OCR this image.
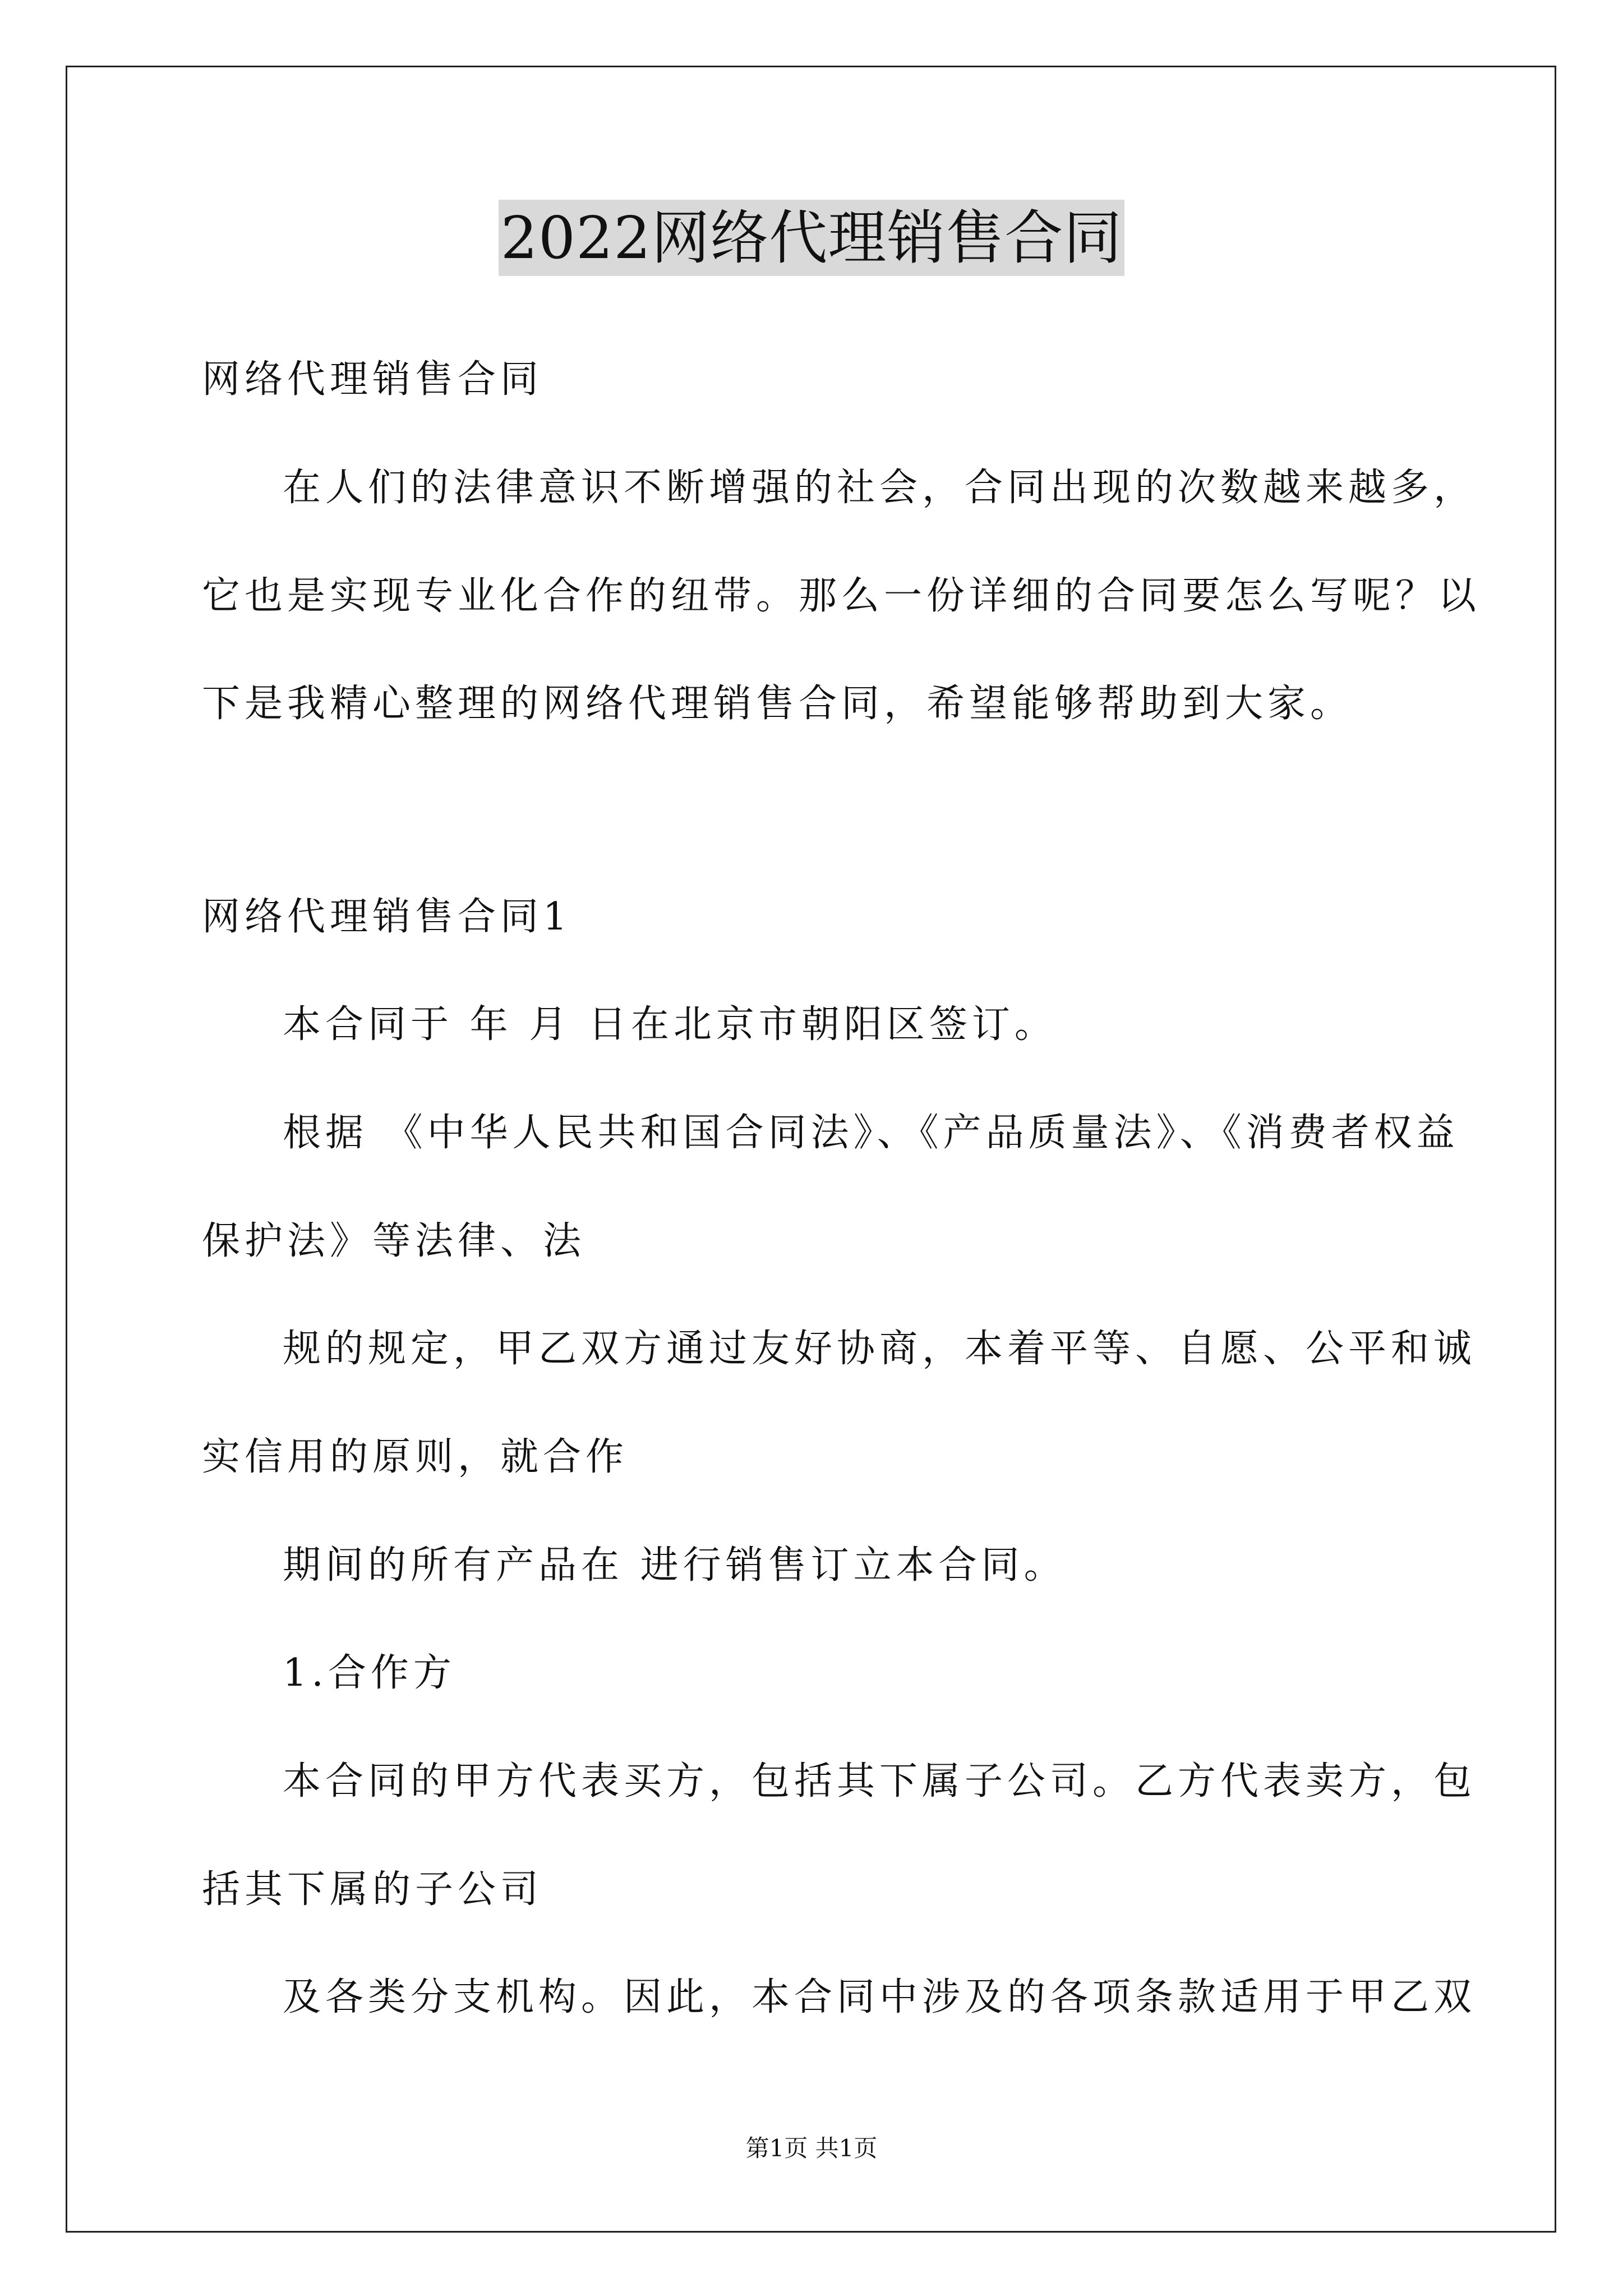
2022网络代理销售合同
网络代理销售合同
在人们的法律意识不断增强的社会，合同出现的次数越来越多，
它也是实现专业化合作的纽带。那么一份详细的合同要怎么写呢？以
下是我精心整理的网络代理销售合同，希望能够帮助到大家。
网络代理销售合同1
本合同于 年 月 日在北京市朝阳区签订。
根据 《中华人民共和国合同法》、《产品质量法》、《消费者权益
保护法》等法律、法
规的规定，甲乙双方通过友好协商，本着平等、自愿、公平和诚
实信用的原则，就合作
期间的所有产品在 进行销售订立本合同。
1.合作方
本合同的甲方代表买方，包括其下属子公司。乙方代表卖方，包
括其下属的子公司
及各类分支机构。因此，本合同中涉及的各项条款适用于甲乙双
第1页 共1页
